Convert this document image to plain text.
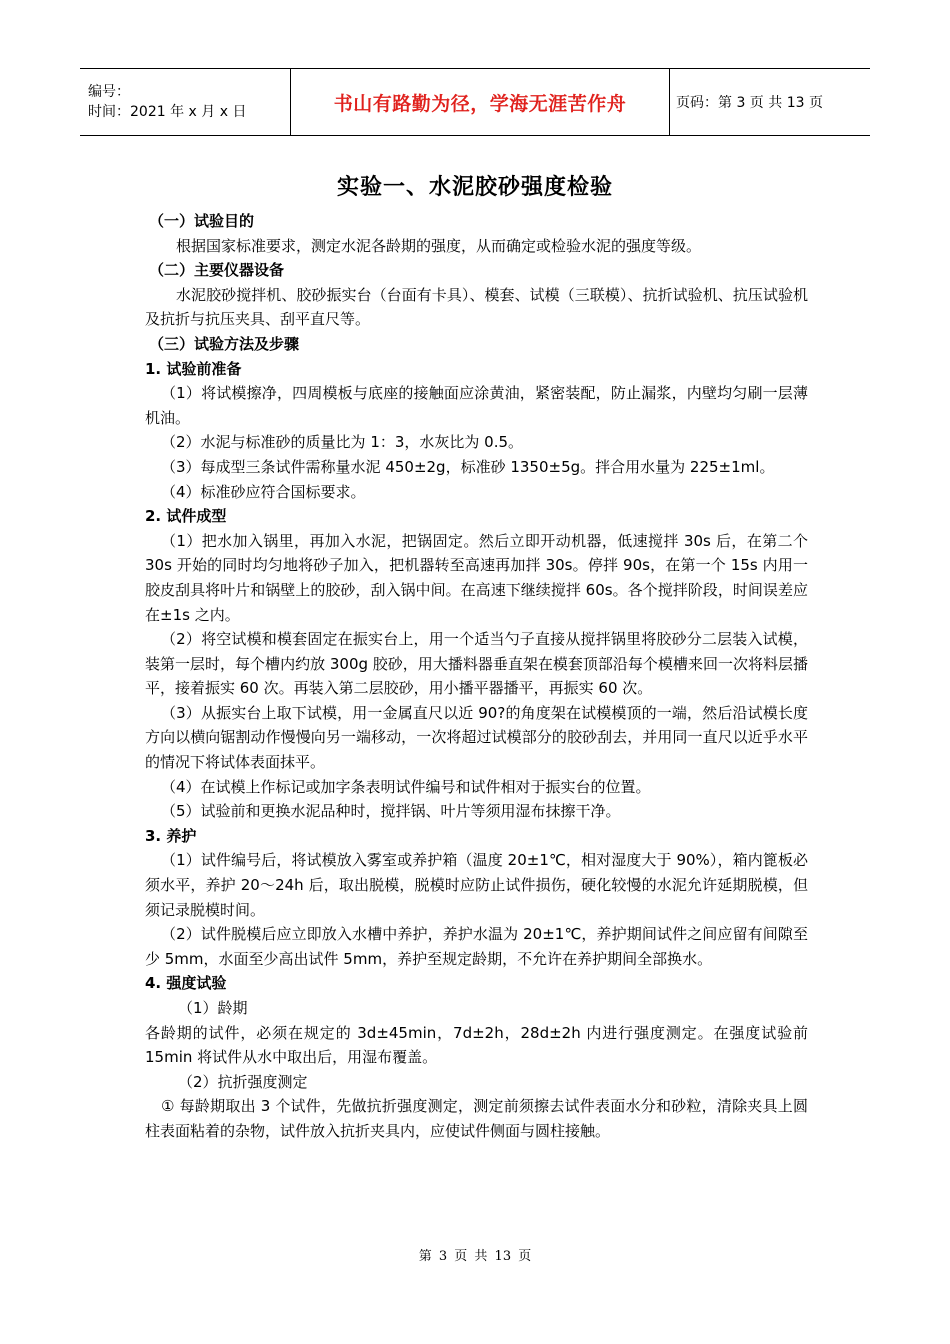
编号：
时间：2021 年 x 月 x 日	书山有路勤为径，学海无涯苦作舟	页码：第 3 页 共 13 页
实验一、水泥胶砂强度检验

（一）试验目的

根据国家标准要求，测定水泥各龄期的强度，从而确定或检验水泥的强度等级。

（二）主要仪器设备

水泥胶砂搅拌机、胶砂振实台（台面有卡具）、模套、试模（三联模）、抗折试验机、抗压试验机及抗折与抗压夹具、刮平直尺等。

（三）试验方法及步骤

1. 试验前准备

（1）将试模擦净，四周模板与底座的接触面应涂黄油，紧密装配，防止漏浆，内壁均匀刷一层薄机油。

（2）水泥与标准砂的质量比为 1：3，水灰比为 0.5。

（3）每成型三条试件需称量水泥 450±2g，标准砂 1350±5g。拌合用水量为 225±1ml。

（4）标准砂应符合国标要求。

2. 试件成型

（1）把水加入锅里，再加入水泥，把锅固定。然后立即开动机器，低速搅拌 30s 后，在第二个 30s 开始的同时均匀地将砂子加入，把机器转至高速再加拌 30s。停拌 90s，在第一个 15s 内用一胶皮刮具将叶片和锅壁上的胶砂，刮入锅中间。在高速下继续搅拌 60s。各个搅拌阶段，时间误差应在±1s 之内。

（2）将空试模和模套固定在振实台上，用一个适当勺子直接从搅拌锅里将胶砂分二层装入试模，装第一层时，每个槽内约放 300g 胶砂，用大播料器垂直架在模套顶部沿每个模槽来回一次将料层播平，接着振实 60 次。再装入第二层胶砂，用小播平器播平，再振实 60 次。

（3）从振实台上取下试模，用一金属直尺以近 90?的角度架在试模模顶的一端，然后沿试模长度方向以横向锯割动作慢慢向另一端移动，一次将超过试模部分的胶砂刮去，并用同一直尺以近乎水平的情况下将试体表面抹平。

（4）在试模上作标记或加字条表明试件编号和试件相对于振实台的位置。

（5）试验前和更换水泥品种时，搅拌锅、叶片等须用湿布抹擦干净。

3. 养护

（1）试件编号后，将试模放入雾室或养护箱（温度 20±1℃，相对湿度大于 90%），箱内篦板必须水平，养护 20～24h 后，取出脱模，脱模时应防止试件损伤，硬化较慢的水泥允许延期脱模，但须记录脱模时间。

（2）试件脱模后应立即放入水槽中养护，养护水温为 20±1℃，养护期间试件之间应留有间隙至少 5mm，水面至少高出试件 5mm，养护至规定龄期，不允许在养护期间全部换水。

4. 强度试验

（1）龄期

各龄期的试件，必须在规定的 3d±45min，7d±2h，28d±2h 内进行强度测定。在强度试验前 15min 将试件从水中取出后，用湿布覆盖。

（2）抗折强度测定

① 每龄期取出 3 个试件，先做抗折强度测定，测定前须擦去试件表面水分和砂粒，清除夹具上圆柱表面粘着的杂物，试件放入抗折夹具内，应使试件侧面与圆柱接触。

第 3 页 共 13 页
